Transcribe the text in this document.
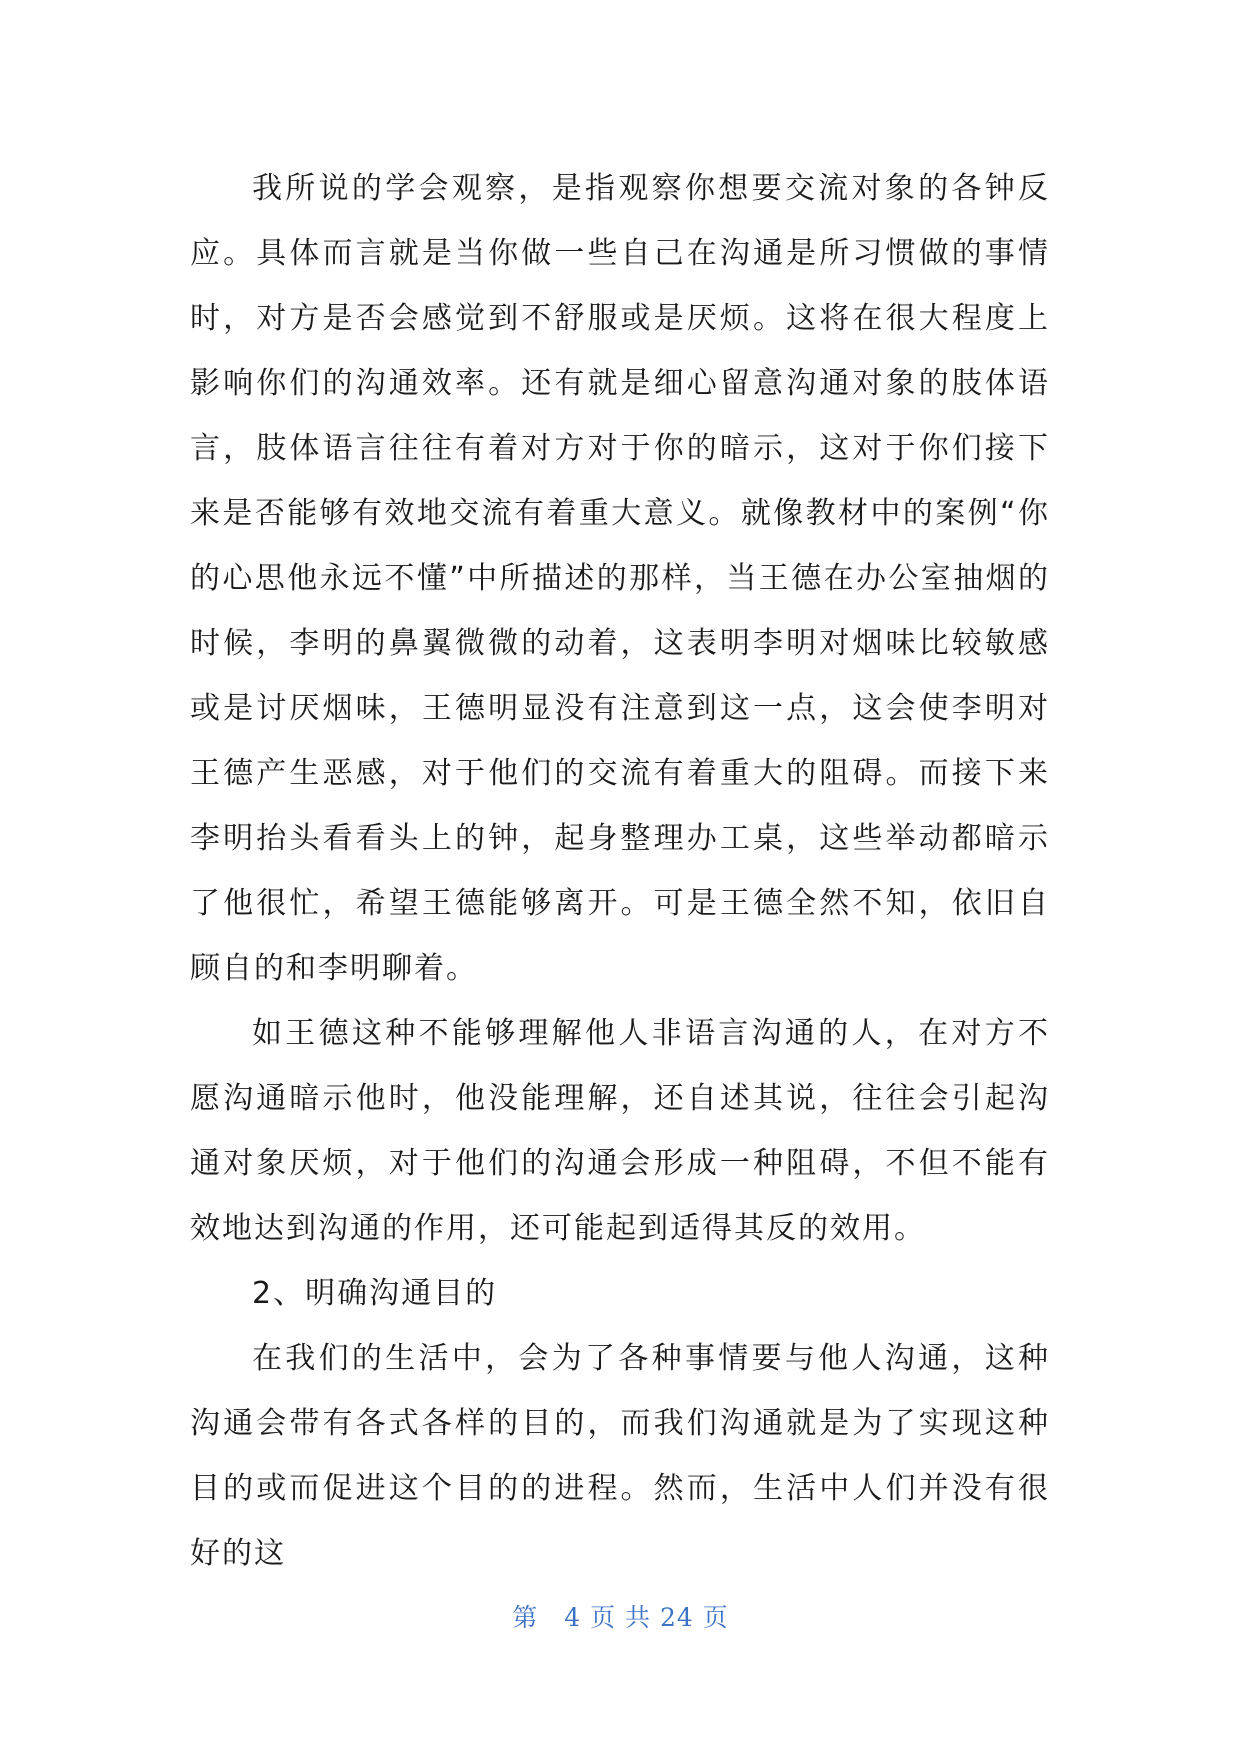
我所说的学会观察，是指观察你想要交流对象的各钟反应。具体而言就是当你做一些自己在沟通是所习惯做的事情时，对方是否会感觉到不舒服或是厌烦。这将在很大程度上影响你们的沟通效率。还有就是细心留意沟通对象的肢体语言，肢体语言往往有着对方对于你的暗示，这对于你们接下来是否能够有效地交流有着重大意义。就像教材中的案例“你的心思他永远不懂”中所描述的那样，当王德在办公室抽烟的时候，李明的鼻翼微微的动着，这表明李明对烟味比较敏感或是讨厌烟味，王德明显没有注意到这一点，这会使李明对王德产生恶感，对于他们的交流有着重大的阻碍。而接下来李明抬头看看头上的钟，起身整理办工桌，这些举动都暗示了他很忙，希望王德能够离开。可是王德全然不知，依旧自顾自的和李明聊着。

如王德这种不能够理解他人非语言沟通的人，在对方不愿沟通暗示他时，他没能理解，还自述其说，往往会引起沟通对象厌烦，对于他们的沟通会形成一种阻碍，不但不能有效地达到沟通的作用，还可能起到适得其反的效用。

2、明确沟通目的

在我们的生活中，会为了各种事情要与他人沟通，这种沟通会带有各式各样的目的，而我们沟通就是为了实现这种目的或而促进这个目的的进程。然而，生活中人们并没有很好的这

第　4 页 共 24 页
